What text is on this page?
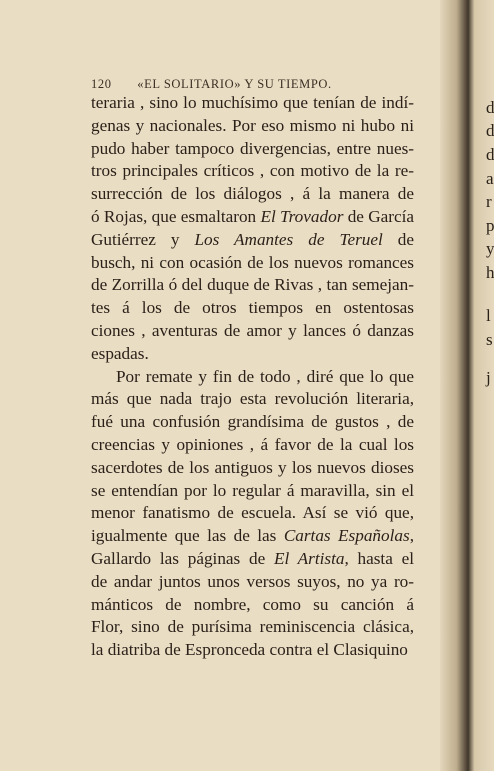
120 «EL SOLITARIO» Y SU TIEMPO.
teraria , sino lo muchísimo que tenían de indí-
genas y nacionales. Por eso mismo ni hubo ni
pudo haber tampoco divergencias, entre nues-
tros principales críticos , con motivo de la re-
surrección de los diálogos , á la manera de
ó Rojas, que esmaltaron El Trovador de García
Gutiérrez y Los Amantes de Teruel de
busch, ni con ocasión de los nuevos romances
de Zorrilla ó del duque de Rivas , tan semejan-
tes á los de otros tiempos en ostentosas
ciones , aventuras de amor y lances ó danzas
espadas.
Por remate y fin de todo , diré que lo que
más que nada trajo esta revolución literaria,
fué una confusión grandísima de gustos , de
creencias y opiniones , á favor de la cual los
sacerdotes de los antiguos y los nuevos dioses
se entendían por lo regular á maravilla, sin el
menor fanatismo de escuela. Así se vió que,
igualmente que las de las Cartas Españolas,
Gallardo las páginas de El Artista, hasta el
de andar juntos unos versos suyos, no ya ro-
mánticos de nombre, como su canción á
Flor, sino de purísima reminiscencia clásica,
la diatriba de Espronceda contra el Clasiquino
d
d
d
a
r
p
y
h
l
s
j
